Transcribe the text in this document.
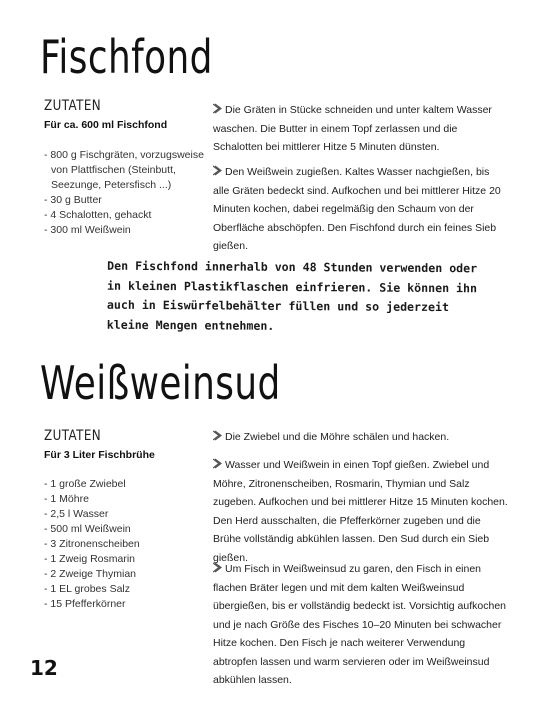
Fischfond
ZUTATEN
Für ca. 600 ml Fischfond
- 800 g Fischgräten, vorzugsweise
von Plattfischen (Steinbutt,
Seezunge, Petersfisch ...)
- 30 g Butter
- 4 Schalotten, gehackt
- 300 ml Weißwein
Die Gräten in Stücke schneiden und unter kaltem Wasser waschen. Die Butter in einem Topf zerlassen und die Schalotten bei mittlerer Hitze 5 Minuten dünsten.
Den Weißwein zugießen. Kaltes Wasser nachgießen, bis alle Gräten bedeckt sind. Aufkochen und bei mittlerer Hitze 20 Minuten kochen, dabei regelmäßig den Schaum von der Oberfläche abschöpfen. Den Fischfond durch ein feines Sieb gießen.
Den Fischfond innerhalb von 48 Stunden verwenden oder in kleinen Plastikflaschen einfrieren. Sie können ihn auch in Eiswürfelbehälter füllen und so jederzeit kleine Mengen entnehmen.
Weißweinsud
ZUTATEN
Für 3 Liter Fischbrühe
- 1 große Zwiebel
- 1 Möhre
- 2,5 l Wasser
- 500 ml Weißwein
- 3 Zitronenscheiben
- 1 Zweig Rosmarin
- 2 Zweige Thymian
- 1 EL grobes Salz
- 15 Pfefferkörner
Die Zwiebel und die Möhre schälen und hacken.
Wasser und Weißwein in einen Topf gießen. Zwiebel und Möhre, Zitronenscheiben, Rosmarin, Thymian und Salz zugeben. Aufkochen und bei mittlerer Hitze 15 Minuten kochen. Den Herd ausschalten, die Pfefferkörner zugeben und die Brühe vollständig abkühlen lassen. Den Sud durch ein Sieb gießen.
Um Fisch in Weißweinsud zu garen, den Fisch in einen flachen Bräter legen und mit dem kalten Weißweinsud übergießen, bis er vollständig bedeckt ist. Vorsichtig aufkochen und je nach Größe des Fisches 10–20 Minuten bei schwacher Hitze kochen. Den Fisch je nach weiterer Verwendung abtropfen lassen und warm servieren oder im Weißweinsud abkühlen lassen.
12
